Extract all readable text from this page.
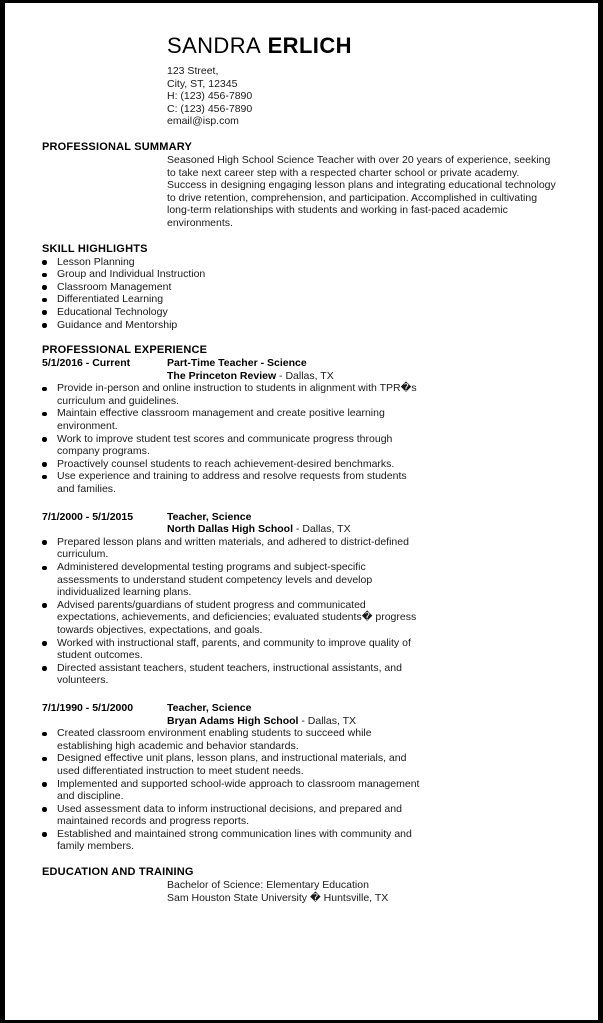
SANDRA ERLICH
123 Street,
City, ST, 12345
H: (123) 456-7890
C: (123) 456-7890
email@isp.com
PROFESSIONAL SUMMARY
Seasoned High School Science Teacher with over 20 years of experience, seeking to take next career step with a respected charter school or private academy. Success in designing engaging lesson plans and integrating educational technology to drive retention, comprehension, and participation. Accomplished in cultivating long-term relationships with students and working in fast-paced academic environments.
SKILL HIGHLIGHTS
Lesson Planning
Group and Individual Instruction
Classroom Management
Differentiated Learning
Educational Technology
Guidance and Mentorship
PROFESSIONAL EXPERIENCE
5/1/2016 - Current	Part-Time Teacher - Science
The Princeton Review - Dallas, TX
Provide in-person and online instruction to students in alignment with TPR�s curriculum and guidelines.
Maintain effective classroom management and create positive learning environment.
Work to improve student test scores and communicate progress through company programs.
Proactively counsel students to reach achievement-desired benchmarks.
Use experience and training to address and resolve requests from students and families.
7/1/2000 - 5/1/2015	Teacher, Science
North Dallas High School - Dallas, TX
Prepared lesson plans and written materials, and adhered to district-defined curriculum.
Administered developmental testing programs and subject-specific assessments to understand student competency levels and develop individualized learning plans.
Advised parents/guardians of student progress and communicated expectations, achievements, and deficiencies; evaluated students� progress towards objectives, expectations, and goals.
Worked with instructional staff, parents, and community to improve quality of student outcomes.
Directed assistant teachers, student teachers, instructional assistants, and volunteers.
7/1/1990 - 5/1/2000	Teacher, Science
Bryan Adams High School - Dallas, TX
Created classroom environment enabling students to succeed while establishing high academic and behavior standards.
Designed effective unit plans, lesson plans, and instructional materials, and used differentiated instruction to meet student needs.
Implemented and supported school-wide approach to classroom management and discipline.
Used assessment data to inform instructional decisions, and prepared and maintained records and progress reports.
Established and maintained strong communication lines with community and family members.
EDUCATION AND TRAINING
Bachelor of Science: Elementary Education
Sam Houston State University � Huntsville, TX
